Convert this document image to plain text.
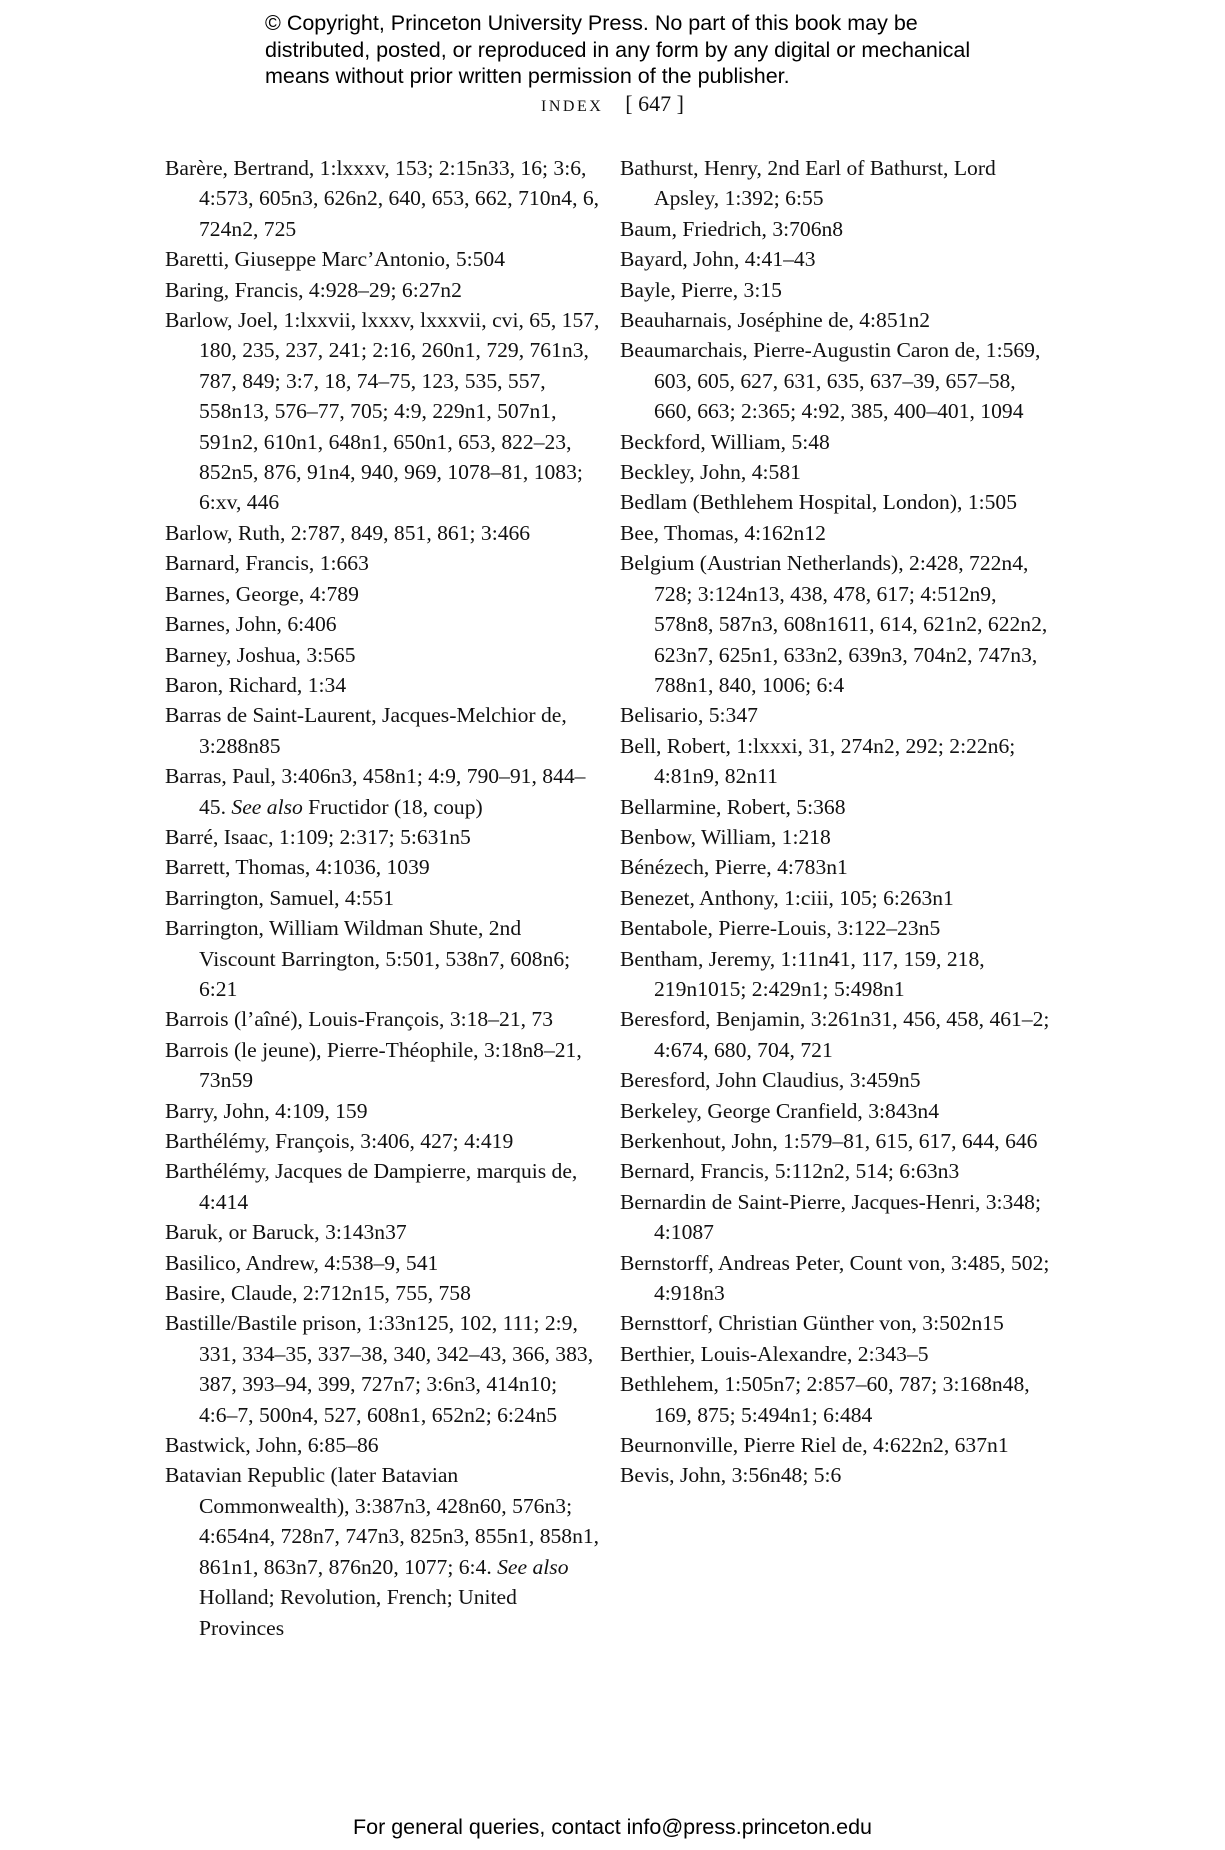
© Copyright, Princeton University Press. No part of this book may be
distributed, posted, or reproduced in any form by any digital or mechanical
means without prior written permission of the publisher.
INDEX [ 647 ]

Barère, Bertrand, 1:lxxxv, 153; 2:15n33, 16; 3:6, 4:573, 605n3, 626n2, 640, 653, 662, 710n4, 6, 724n2, 725

Baretti, Giuseppe Marc’Antonio, 5:504

Baring, Francis, 4:928–29; 6:27n2

Barlow, Joel, 1:lxxvii, lxxxv, lxxxvii, cvi, 65, 157, 180, 235, 237, 241; 2:16, 260n1, 729, 761n3, 787, 849; 3:7, 18, 74–75, 123, 535, 557, 558n13, 576–77, 705; 4:9, 229n1, 507n1, 591n2, 610n1, 648n1, 650n1, 653, 822–23, 852n5, 876, 91n4, 940, 969, 1078–81, 1083; 6:xv, 446

Barlow, Ruth, 2:787, 849, 851, 861; 3:466

Barnard, Francis, 1:663

Barnes, George, 4:789

Barnes, John, 6:406

Barney, Joshua, 3:565

Baron, Richard, 1:34

Barras de Saint-Laurent, Jacques-Melchior de, 3:288n85

Barras, Paul, 3:406n3, 458n1; 4:9, 790–91, 844–45. See also Fructidor (18, coup)

Barré, Isaac, 1:109; 2:317; 5:631n5

Barrett, Thomas, 4:1036, 1039

Barrington, Samuel, 4:551

Barrington, William Wildman Shute, 2nd Viscount Barrington, 5:501, 538n7, 608n6; 6:21

Barrois (l’aîné), Louis-François, 3:18–21, 73

Barrois (le jeune), Pierre-Théophile, 3:18n8–21, 73n59

Barry, John, 4:109, 159

Barthélémy, François, 3:406, 427; 4:419

Barthélémy, Jacques de Dampierre, marquis de, 4:414

Baruk, or Baruck, 3:143n37

Basilico, Andrew, 4:538–9, 541

Basire, Claude, 2:712n15, 755, 758

Bastille/Bastile prison, 1:33n125, 102, 111; 2:9, 331, 334–35, 337–38, 340, 342–43, 366, 383, 387, 393–94, 399, 727n7; 3:6n3, 414n10; 4:6–7, 500n4, 527, 608n1, 652n2; 6:24n5

Bastwick, John, 6:85–86

Batavian Republic (later Batavian Commonwealth), 3:387n3, 428n60, 576n3; 4:654n4, 728n7, 747n3, 825n3, 855n1, 858n1, 861n1, 863n7, 876n20, 1077; 6:4. See also Holland; Revolution, French; United Provinces

Bathurst, Henry, 2nd Earl of Bathurst, Lord Apsley, 1:392; 6:55

Baum, Friedrich, 3:706n8

Bayard, John, 4:41–43

Bayle, Pierre, 3:15

Beauharnais, Joséphine de, 4:851n2

Beaumarchais, Pierre-Augustin Caron de, 1:569, 603, 605, 627, 631, 635, 637–39, 657–58, 660, 663; 2:365; 4:92, 385, 400–401, 1094

Beckford, William, 5:48

Beckley, John, 4:581

Bedlam (Bethlehem Hospital, London), 1:505

Bee, Thomas, 4:162n12

Belgium (Austrian Netherlands), 2:428, 722n4, 728; 3:124n13, 438, 478, 617; 4:512n9, 578n8, 587n3, 608n1611, 614, 621n2, 622n2, 623n7, 625n1, 633n2, 639n3, 704n2, 747n3, 788n1, 840, 1006; 6:4

Belisario, 5:347

Bell, Robert, 1:lxxxi, 31, 274n2, 292; 2:22n6; 4:81n9, 82n11

Bellarmine, Robert, 5:368

Benbow, William, 1:218

Bénézech, Pierre, 4:783n1

Benezet, Anthony, 1:ciii, 105; 6:263n1

Bentabole, Pierre-Louis, 3:122–23n5

Bentham, Jeremy, 1:11n41, 117, 159, 218, 219n1015; 2:429n1; 5:498n1

Beresford, Benjamin, 3:261n31, 456, 458, 461–2; 4:674, 680, 704, 721

Beresford, John Claudius, 3:459n5

Berkeley, George Cranfield, 3:843n4

Berkenhout, John, 1:579–81, 615, 617, 644, 646

Bernard, Francis, 5:112n2, 514; 6:63n3

Bernardin de Saint-Pierre, Jacques-Henri, 3:348; 4:1087

Bernstorff, Andreas Peter, Count von, 3:485, 502; 4:918n3

Bernsttorf, Christian Günther von, 3:502n15

Berthier, Louis-Alexandre, 2:343–5

Bethlehem, 1:505n7; 2:857–60, 787; 3:168n48, 169, 875; 5:494n1; 6:484

Beurnonville, Pierre Riel de, 4:622n2, 637n1

Bevis, John, 3:56n48; 5:6

For general queries, contact info@press.princeton.edu
